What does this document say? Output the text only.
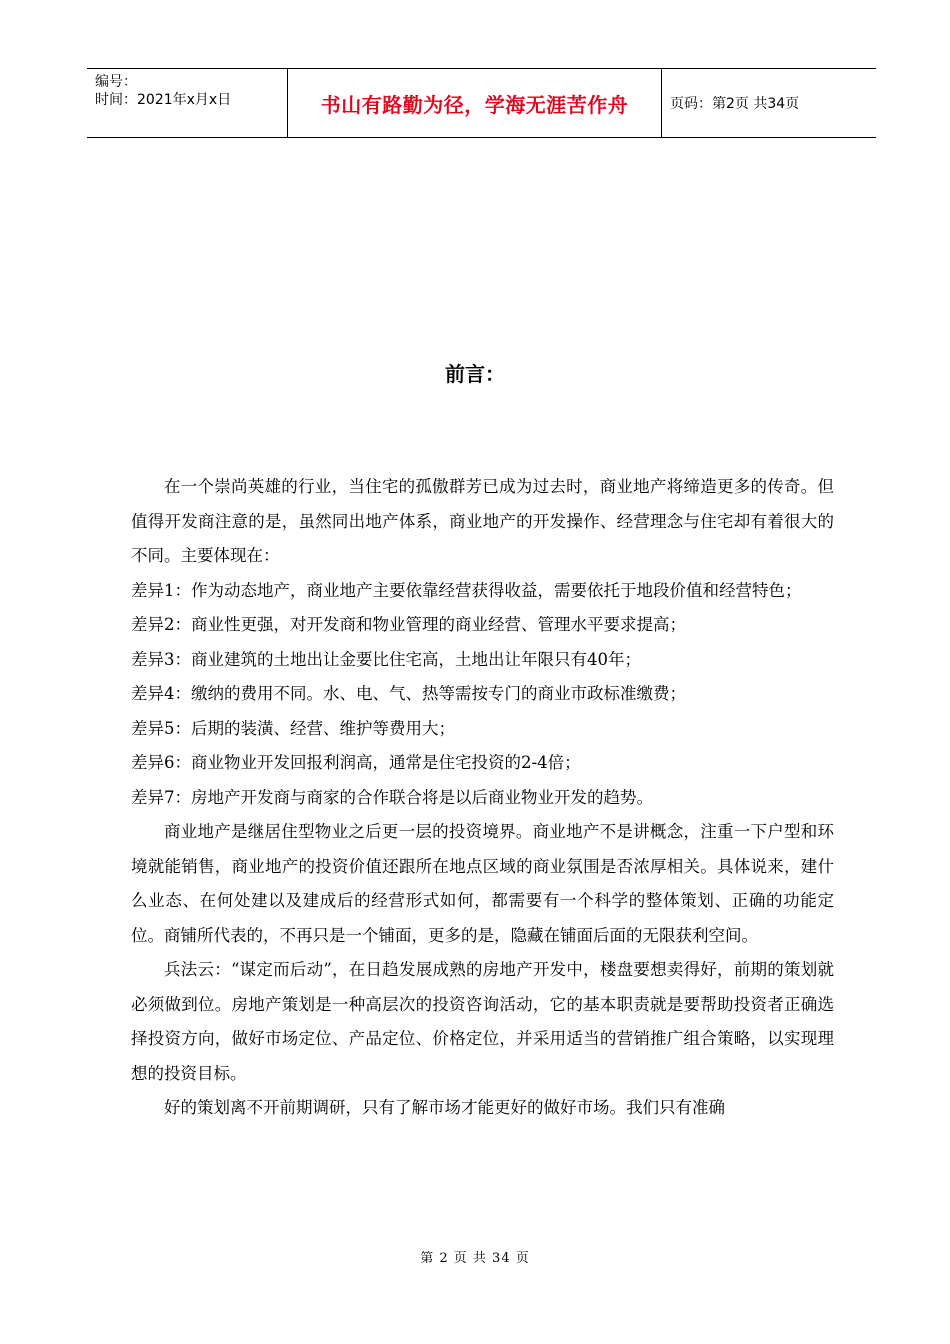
编号：
时间：2021年x月x日	书山有路勤为径，学海无涯苦作舟	页码：第2页 共34页
前言：

在一个崇尚英雄的行业，当住宅的孤傲群芳已成为过去时，商业地产将缔造更多的传奇。但值得开发商注意的是，虽然同出地产体系，商业地产的开发操作、经营理念与住宅却有着很大的不同。主要体现在：

差异1：作为动态地产，商业地产主要依靠经营获得收益，需要依托于地段价值和经营特色；

差异2：商业性更强，对开发商和物业管理的商业经营、管理水平要求提高；

差异3：商业建筑的土地出让金要比住宅高，土地出让年限只有40年；

差异4：缴纳的费用不同。水、电、气、热等需按专门的商业市政标准缴费；

差异5：后期的装潢、经营、维护等费用大；

差异6：商业物业开发回报利润高，通常是住宅投资的2-4倍；

差异7：房地产开发商与商家的合作联合将是以后商业物业开发的趋势。

商业地产是继居住型物业之后更一层的投资境界。商业地产不是讲概念，注重一下户型和环境就能销售，商业地产的投资价值还跟所在地点区域的商业氛围是否浓厚相关。具体说来，建什么业态、在何处建以及建成后的经营形式如何，都需要有一个科学的整体策划、正确的功能定位。商铺所代表的，不再只是一个铺面，更多的是，隐藏在铺面后面的无限获利空间。

兵法云：“谋定而后动”，在日趋发展成熟的房地产开发中，楼盘要想卖得好，前期的策划就必须做到位。房地产策划是一种高层次的投资咨询活动，它的基本职责就是要帮助投资者正确选择投资方向，做好市场定位、产品定位、价格定位，并采用适当的营销推广组合策略，以实现理想的投资目标。

好的策划离不开前期调研，只有了解市场才能更好的做好市场。我们只有准确

第 2 页 共 34 页
